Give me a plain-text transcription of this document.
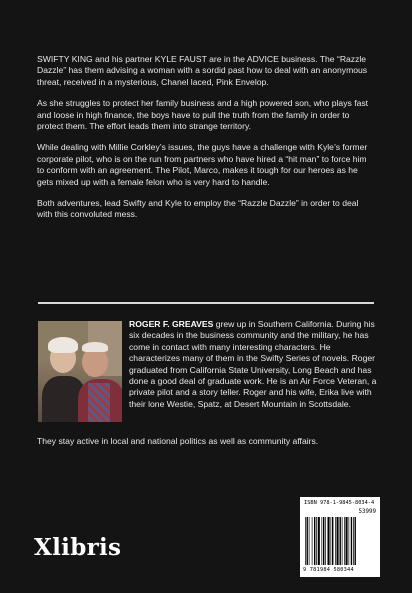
SWIFTY KING and his partner KYLE FAUST are in the ADVICE business. The “Razzle Dazzle” has them advising a woman with a sordid past how to deal with an anonymous threat, received in a mysterious, Chanel laced, Pink Envelop.

As she struggles to protect her family business and a high powered son, who plays fast and loose in high finance, the boys have to pull the truth from the family in order to protect them. The effort leads them into strange territory.

While dealing with Millie Corkley’s issues, the guys have a challenge with Kyle’s former corporate pilot, who is on the run from partners who have hired a “hit man” to force him to conform with an agreement. The Pilot, Marco, makes it tough for our heroes as he gets mixed up with a female felon who is very hard to handle.

Both adventures, lead Swifty and Kyle to employ the “Razzle Dazzle” in order to deal with this convoluted mess.

ROGER F. GREAVES grew up in Southern California. During his six decades in the business community and the military, he has come in contact with many interesting characters. He characterizes many of them in the Swifty Series of novels. Roger graduated from California State University, Long Beach and has done a good deal of graduate work. He is an Air Force Veteran, a private pilot and a story teller. Roger and his wife, Erika live with their lone Westie, Spatz, at Desert Mountain in Scottsdale.
They stay active in local and national politics as well as community affairs.
Xlibris
ISBN 978-1-9845-8034-4
53999
9 781984 580344
